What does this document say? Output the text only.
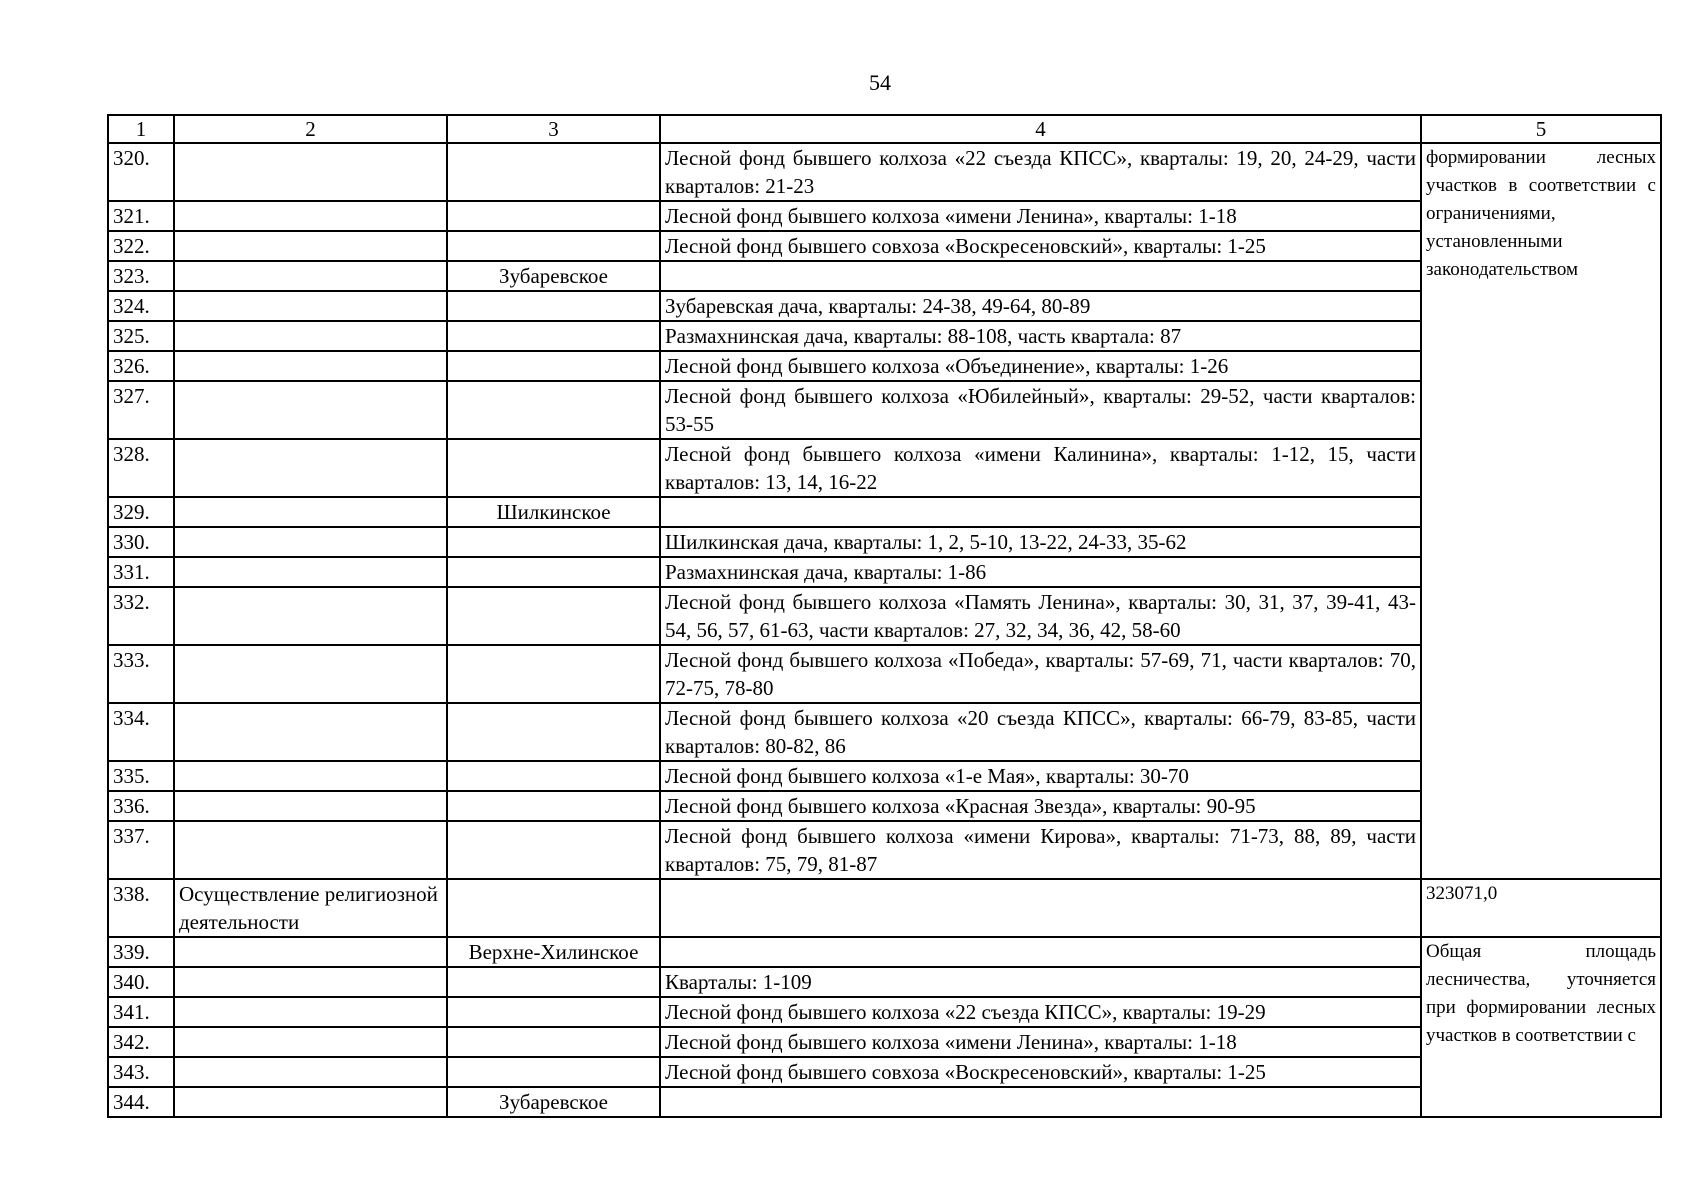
54
1	2	3	4	5
320.			Лесной фонд бывшего колхоза «22 съезда КПСС», кварталы: 19, 20, 24-29, части кварталов: 21-23	формировании лесных участков в соответствии с ограничениями, установленными законодательством
321.			Лесной фонд бывшего колхоза «имени Ленина», кварталы: 1-18	
322.			Лесной фонд бывшего совхоза «Воскресеновский», кварталы: 1-25	
323.		Зубаревское		
324.			Зубаревская дача, кварталы: 24-38, 49-64, 80-89	
325.			Размахнинская дача, кварталы: 88-108, часть квартала: 87	
326.			Лесной фонд бывшего колхоза «Объединение», кварталы: 1-26	
327.			Лесной фонд бывшего колхоза «Юбилейный», кварталы: 29-52, части кварталов: 53-55	
328.			Лесной фонд бывшего колхоза «имени Калинина», кварталы: 1-12, 15, части кварталов: 13, 14, 16-22	
329.		Шилкинское		
330.			Шилкинская дача, кварталы: 1, 2, 5-10, 13-22, 24-33, 35-62	
331.			Размахнинская дача, кварталы: 1-86	
332.			Лесной фонд бывшего колхоза «Память Ленина», кварталы: 30, 31, 37, 39-41, 43-54, 56, 57, 61-63, части кварталов: 27, 32, 34, 36, 42, 58-60	
333.			Лесной фонд бывшего колхоза «Победа», кварталы: 57-69, 71, части кварталов: 70, 72-75, 78-80	
334.			Лесной фонд бывшего колхоза «20 съезда КПСС», кварталы: 66-79, 83-85, части кварталов: 80-82, 86	
335.			Лесной фонд бывшего колхоза «1-е Мая», кварталы: 30-70	
336.			Лесной фонд бывшего колхоза «Красная Звезда», кварталы: 90-95	
337.			Лесной фонд бывшего колхоза «имени Кирова», кварталы: 71-73, 88, 89, части кварталов: 75, 79, 81-87	
338.	Осуществление религиозной деятельности			323071,0
339.		Верхне-Хилинское		Общая площадь лесничества, уточняется при формировании лесных участков в соответствии с
340.			Кварталы: 1-109	
341.			Лесной фонд бывшего колхоза «22 съезда КПСС», кварталы: 19-29	
342.			Лесной фонд бывшего колхоза «имени Ленина», кварталы: 1-18	
343.			Лесной фонд бывшего совхоза «Воскресеновский», кварталы: 1-25	
344.		Зубаревское		
